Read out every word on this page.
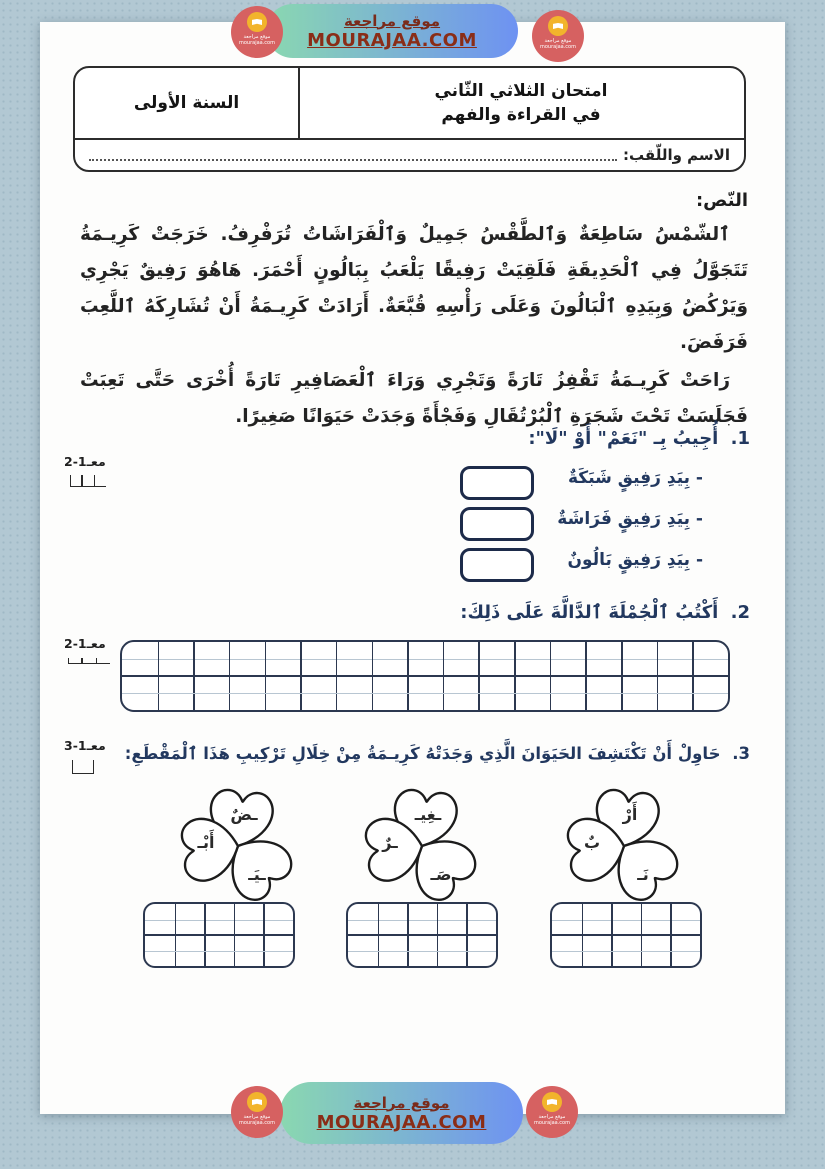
السنة الأولى
امتحان الثلاثي الثّاني
في القراءة والفهم
الاسم واللّقب:
النّص:

ٱلشّمْسُ سَاطِعَةٌ وَٱلطَّقْسُ جَمِيلٌ وَٱلْفَرَاشَاتُ تُرَفْرِفُ. خَرَجَتْ كَرِيـمَةُ تَتَجَوَّلُ فِي ٱلْحَدِيقَةِ فَلَقِيَتْ رَفِيقًا يَلْعَبُ بِبَالُونٍ أَحْمَرَ. هَاهُوَ رَفِيقٌ يَجْرِي وَيَرْكُضُ وَبِيَدِهِ ٱلْبَالُونَ وَعَلَى رَأْسِهِ قُبَّعَةٌ. أَرَادَتْ كَرِيـمَةُ أَنْ تُشَارِكَهُ ٱللَّعِبَ فَرَفَضَ.

رَاحَتْ كَرِيـمَةُ تَقْفِزُ تَارَةً وَتَجْرِي وَرَاءَ ٱلْعَصَافِيرِ تَارَةً أُخْرَى حَتَّى تَعِبَتْ فَجَلَسَتْ تَحْتَ شَجَرَةِ ٱلْبُرْتُقَالِ وَفَجْأَةً وَجَدَتْ حَيَوَانًا صَغِيرًا.

1. أُجِيبُ بِـ "نَعَمْ" أَوْ "لَا":
- بِيَدِ رَفِيقٍ شَبَكَةٌ
- بِيَدِ رَفِيقٍ فَرَاشَةٌ
- بِيَدِ رَفِيقٍ بَالُونٌ
2. أَكْتُبُ ٱلْجُمْلَةَ ٱلدَّالَّةَ عَلَى ذَلِكَ:
3. حَاوِلْ أَنْ تَكْتَشِفَ الحَيَوَانَ الَّذِي وَجَدَتْهُ كَرِيـمَةُ مِنْ خِلَالِ تَرْكِيبِ هَذَا ٱلْمَقْطَعِ:
ـضٌ
أَبْـ
ـيَـ
ـغِيـ
ـرٌ
صَـ
أَرْ
بٌ
نَـ
معـ1-2
معـ1-2
معـ1-3
موقع مراجعة
mourajaa.com
موقع مراجعة
MOURAJAA.COM	موقع مراجعة
mourajaa.com
موقع مراجعة
mourajaa.com
موقع مراجعة
MOURAJAA.COM	موقع مراجعة
mourajaa.com
